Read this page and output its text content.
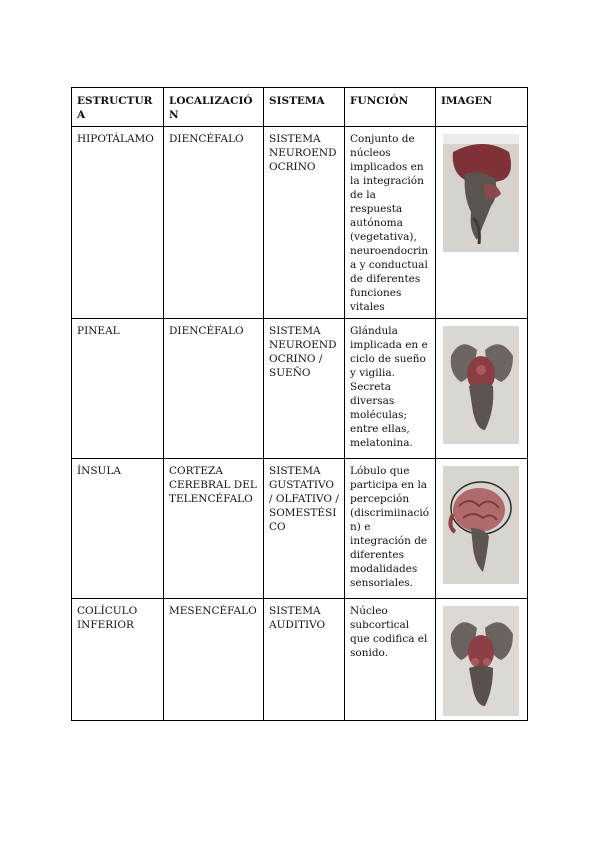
ESTRUCTURA	LOCALIZACIÓN	SISTEMA	FUNCIÓN	IMAGEN
HIPOTÁLAMO	DIENCÉFALO	SISTEMA NEUROENDOCRINO	Conjunto de núcleos implicados en la integración de la respuesta autónoma (vegetativa), neuroendocrina y conductual de diferentes funciones vitales	

PINEAL	DIENCÉFALO	SISTEMA NEUROENDOCRINO / SUEÑO	Glándula implicada en e ciclo de sueño y vigilia. Secreta diversas moléculas; entre ellas, melatonina.	

ÍNSULA	CORTEZA CEREBRAL DEL TELENCÉFALO	SISTEMA GUSTATIVO / OLFATIVO / SOMESTÉSICO	Lóbulo que participa en la percepción (discrimiinación) e integración de diferentes modalidades sensoriales.	

COLÍCULO INFERIOR	MESENCÉFALO	SISTEMA AUDITIVO	Núcleo subcortical que codifica el sonido.	
